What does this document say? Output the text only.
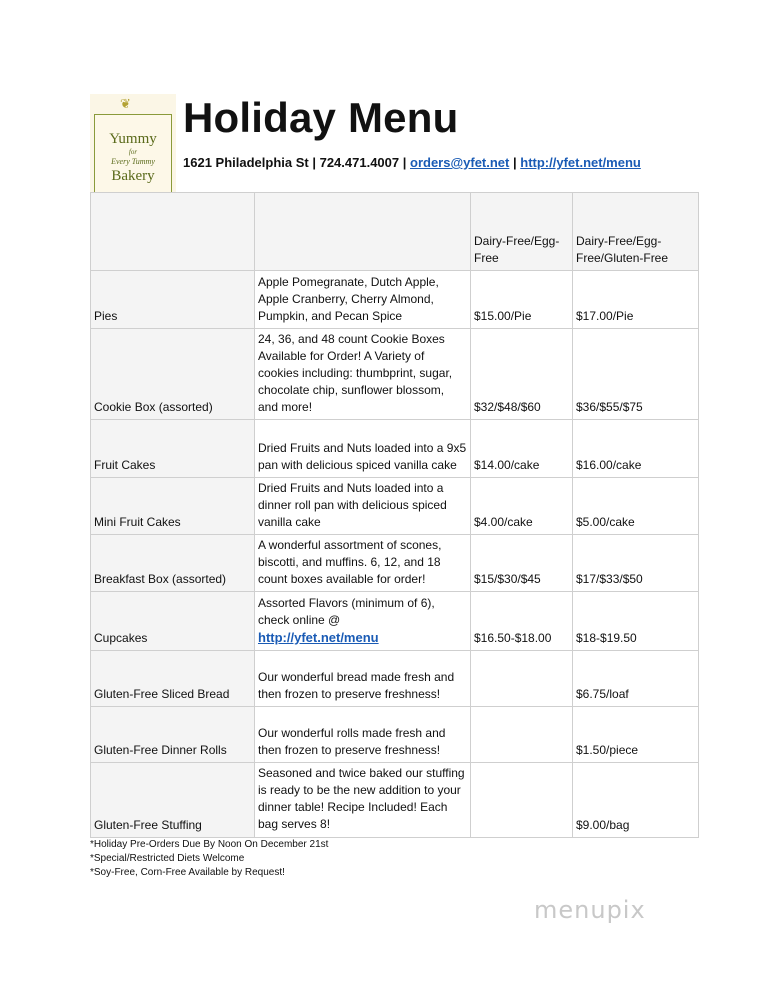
❦
Yummy
for
Every Tummy
Bakery
Holiday Menu
1621 Philadelphia St | 724.471.4007 | orders@yfet.net | http://yfet.net/menu
		Dairy-Free/Egg-Free	Dairy-Free/Egg-Free/Gluten-Free
Pies	Apple Pomegranate, Dutch Apple, Apple Cranberry, Cherry Almond, Pumpkin, and Pecan Spice	$15.00/Pie	$17.00/Pie
Cookie Box (assorted)	24, 36, and 48 count Cookie Boxes Available for Order! A Variety of cookies including: thumbprint, sugar, chocolate chip, sunflower blossom, and more!	$32/$48/$60	$36/$55/$75
Fruit Cakes	Dried Fruits and Nuts loaded into a 9x5 pan with delicious spiced vanilla cake	$14.00/cake	$16.00/cake
Mini Fruit Cakes	Dried Fruits and Nuts loaded into a dinner roll pan with delicious spiced vanilla cake	$4.00/cake	$5.00/cake
Breakfast Box (assorted)	A wonderful assortment of scones, biscotti, and muffins. 6, 12, and 18 count boxes available for order!	$15/$30/$45	$17/$33/$50
Cupcakes	Assorted Flavors (minimum of 6), check online @
http://yfet.net/menu	$16.50-$18.00	$18-$19.50
Gluten-Free Sliced Bread	Our wonderful bread made fresh and then frozen to preserve freshness!		$6.75/loaf
Gluten-Free Dinner Rolls	Our wonderful rolls made fresh and then frozen to preserve freshness!		$1.50/piece
Gluten-Free Stuffing	Seasoned and twice baked our stuffing is ready to be the new addition to your dinner table! Recipe Included! Each bag serves 8!		$9.00/bag
*Holiday Pre-Orders Due By Noon On December 21st
*Special/Restricted Diets Welcome
*Soy-Free, Corn-Free Available by Request!
menupix
